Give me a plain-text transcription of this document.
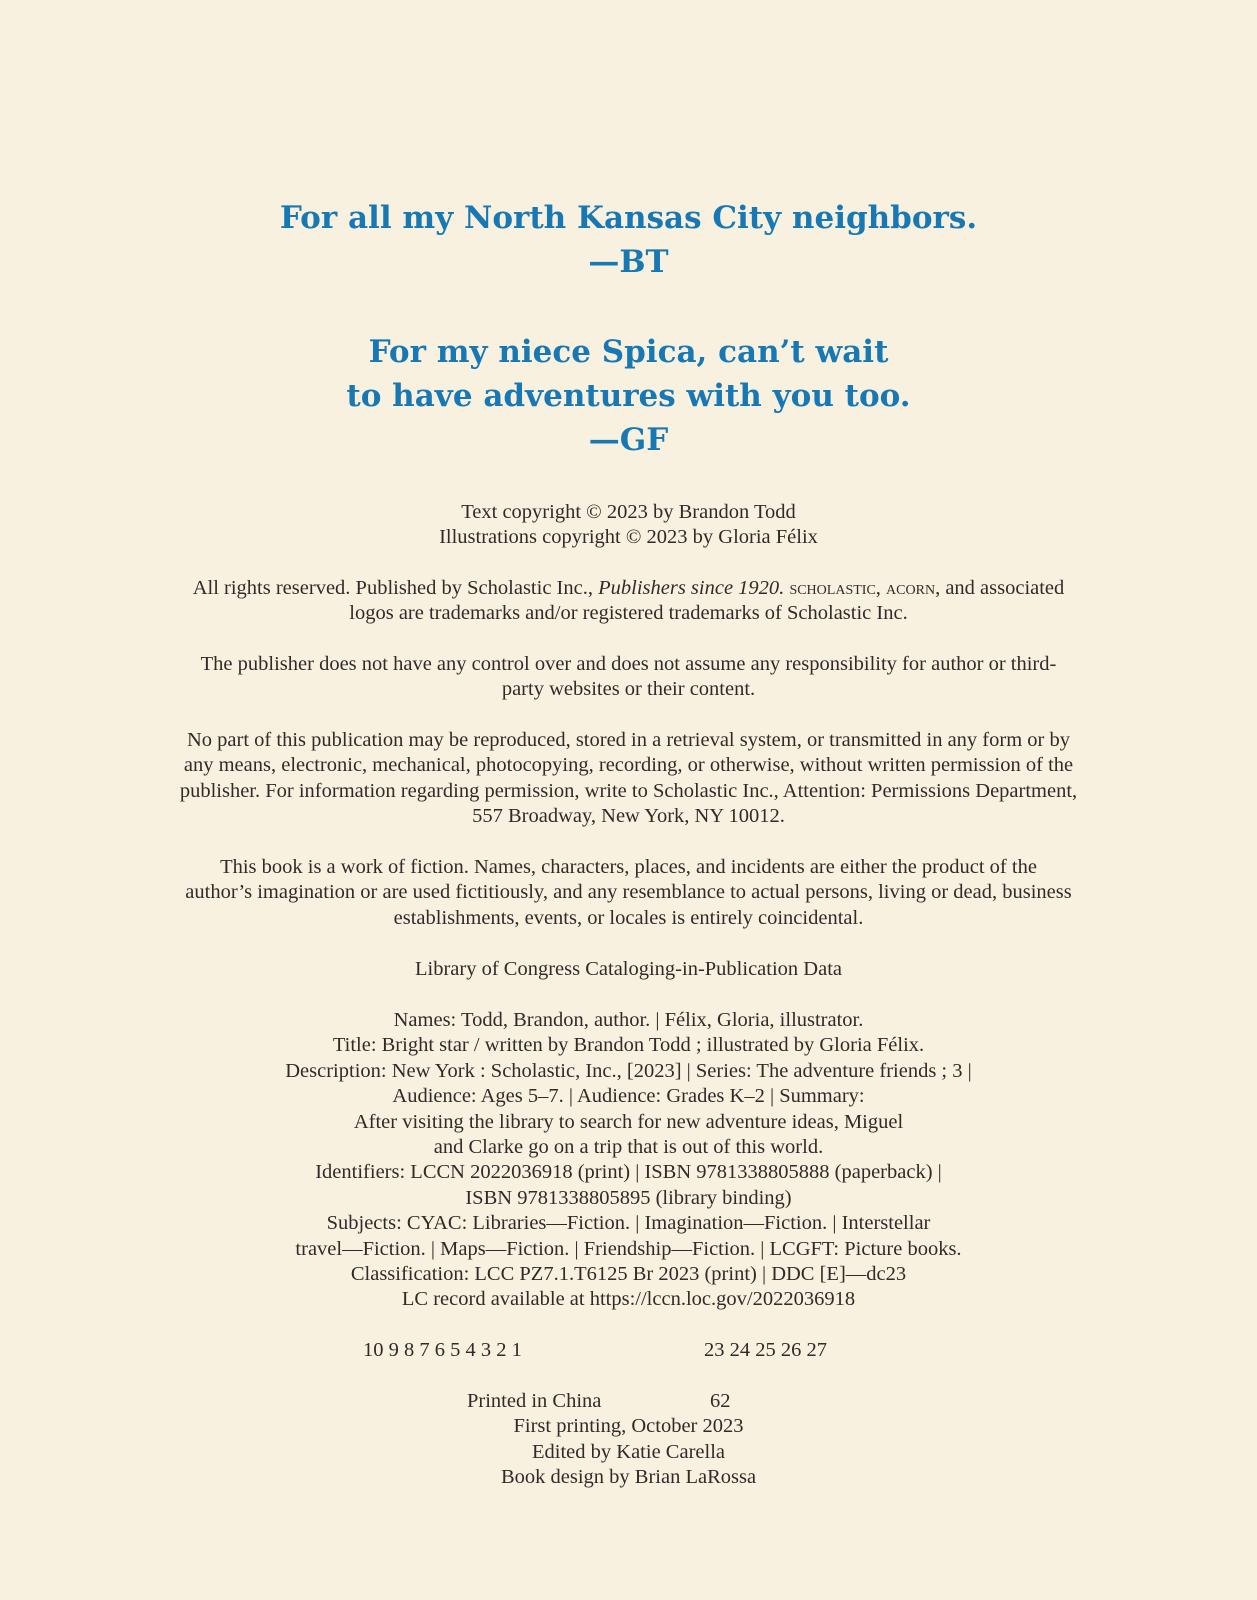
For all my North Kansas City neighbors.
—BT
For my niece Spica, can’t wait
to have adventures with you too.
—GF
Text copyright © 2023 by Brandon Todd
Illustrations copyright © 2023 by Gloria Félix
All rights reserved. Published by Scholastic Inc., Publishers since 1920. scholastic, acorn, and associated
logos are trademarks and/or registered trademarks of Scholastic Inc.
The publisher does not have any control over and does not assume any responsibility for author or third-
party websites or their content.
No part of this publication may be reproduced, stored in a retrieval system, or transmitted in any form or by
any means, electronic, mechanical, photocopying, recording, or otherwise, without written permission of the
publisher. For information regarding permission, write to Scholastic Inc., Attention: Permissions Department,
557 Broadway, New York, NY 10012.
This book is a work of fiction. Names, characters, places, and incidents are either the product of the
author’s imagination or are used fictitiously, and any resemblance to actual persons, living or dead, business
establishments, events, or locales is entirely coincidental.
Library of Congress Cataloging-in-Publication Data
Names: Todd, Brandon, author. | Félix, Gloria, illustrator.
Title: Bright star / written by Brandon Todd ; illustrated by Gloria Félix.
Description: New York : Scholastic, Inc., [2023] | Series: The adventure friends ; 3 |
Audience: Ages 5–7. | Audience: Grades K–2 | Summary:
After visiting the library to search for new adventure ideas, Miguel
and Clarke go on a trip that is out of this world.
Identifiers: LCCN 2022036918 (print) | ISBN 9781338805888 (paperback) |
ISBN 9781338805895 (library binding)
Subjects: CYAC: Libraries—Fiction. | Imagination—Fiction. | Interstellar
travel—Fiction. | Maps—Fiction. | Friendship—Fiction. | LCGFT: Picture books.
Classification: LCC PZ7.1.T6125 Br 2023 (print) | DDC [E]—dc23
LC record available at https://lccn.loc.gov/2022036918
10 9 8 7 6 5 4 3 2 1	23 24 25 26 27
Printed in China	62
First printing, October 2023
Edited by Katie Carella
Book design by Brian LaRossa
